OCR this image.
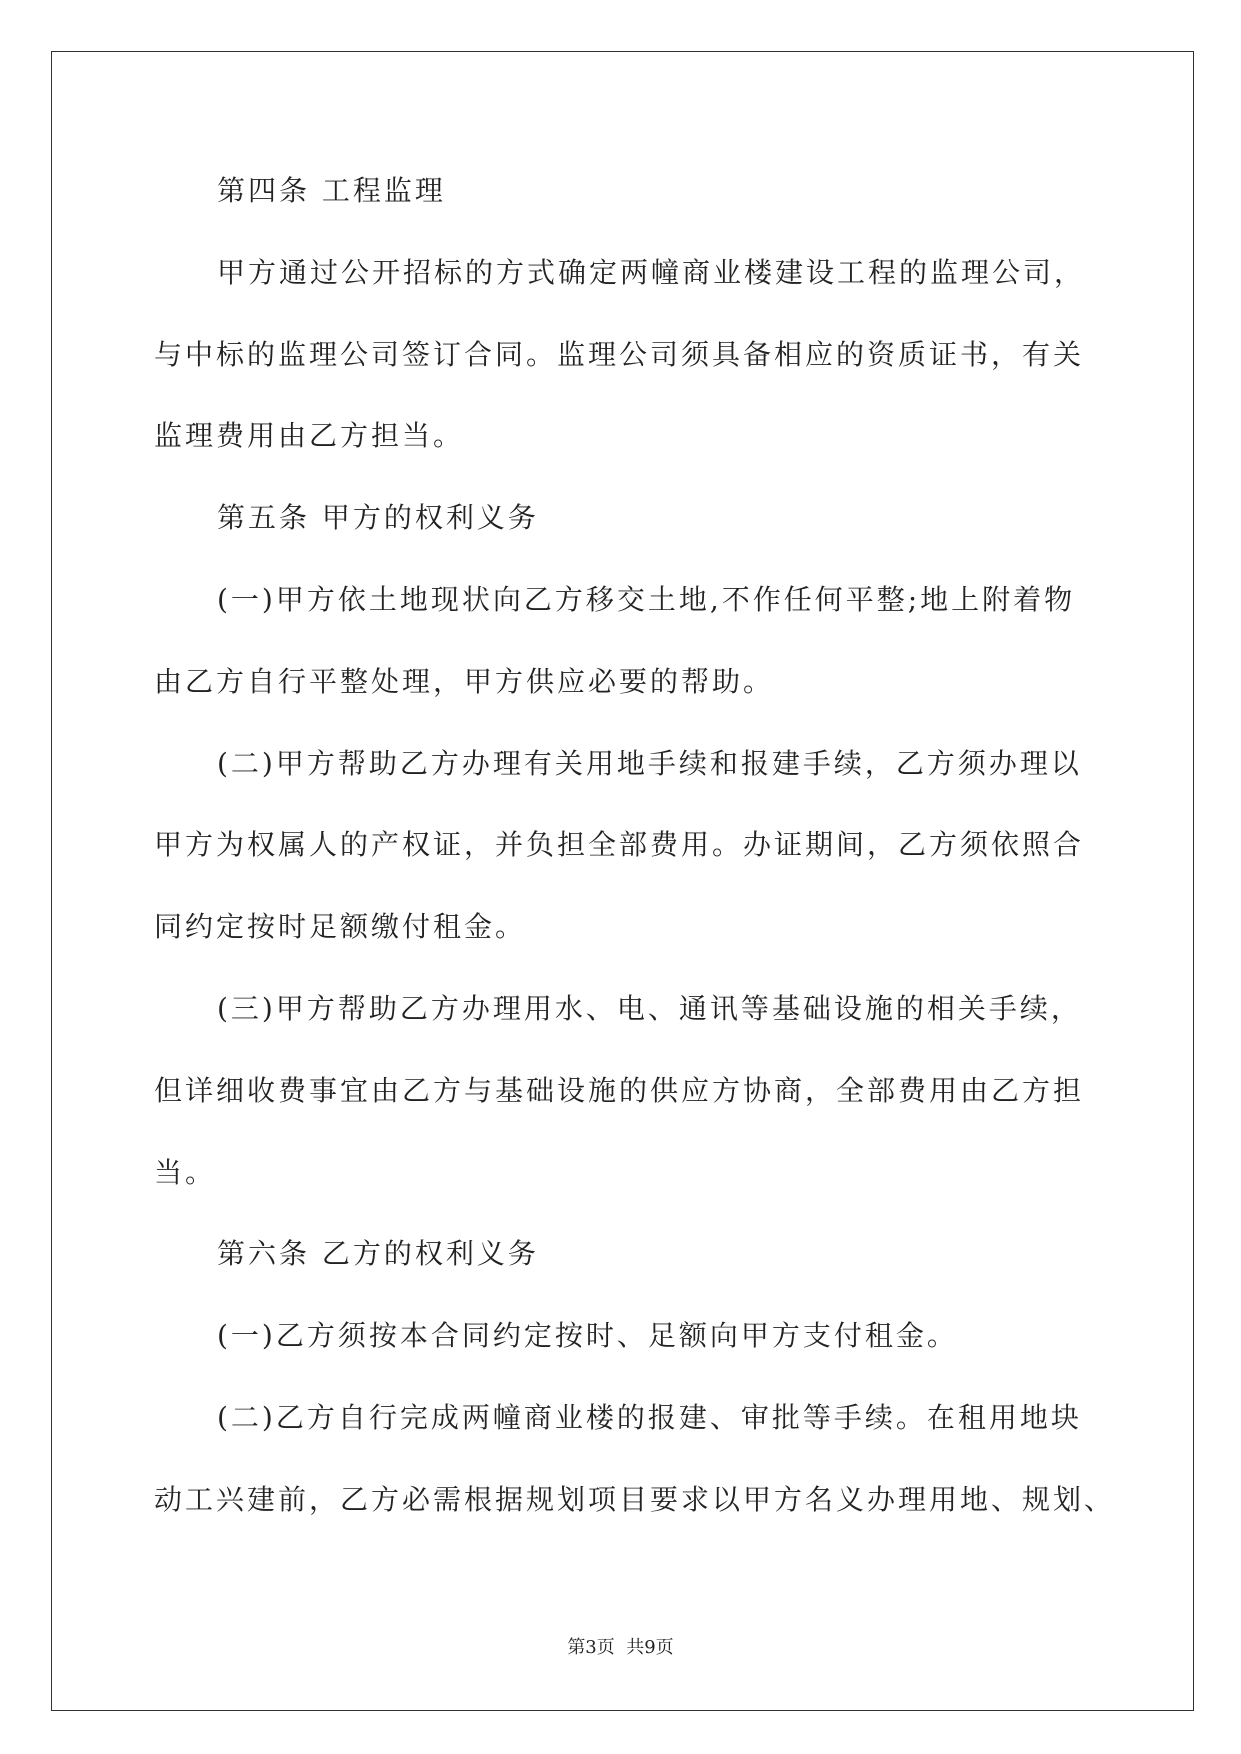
第四条 工程监理
甲方通过公开招标的方式确定两幢商业楼建设工程的监理公司，
与中标的监理公司签订合同。监理公司须具备相应的资质证书，有关
监理费用由乙方担当。
第五条 甲方的权利义务
(一)甲方依土地现状向乙方移交土地,不作任何平整;地上附着物
由乙方自行平整处理，甲方供应必要的帮助。
(二)甲方帮助乙方办理有关用地手续和报建手续，乙方须办理以
甲方为权属人的产权证，并负担全部费用。办证期间，乙方须依照合
同约定按时足额缴付租金。
(三)甲方帮助乙方办理用水、电、通讯等基础设施的相关手续，
但详细收费事宜由乙方与基础设施的供应方协商，全部费用由乙方担
当。
第六条 乙方的权利义务
(一)乙方须按本合同约定按时、足额向甲方支付租金。
(二)乙方自行完成两幢商业楼的报建、审批等手续。在租用地块
动工兴建前，乙方必需根据规划项目要求以甲方名义办理用地、规划、
第3页  共9页
